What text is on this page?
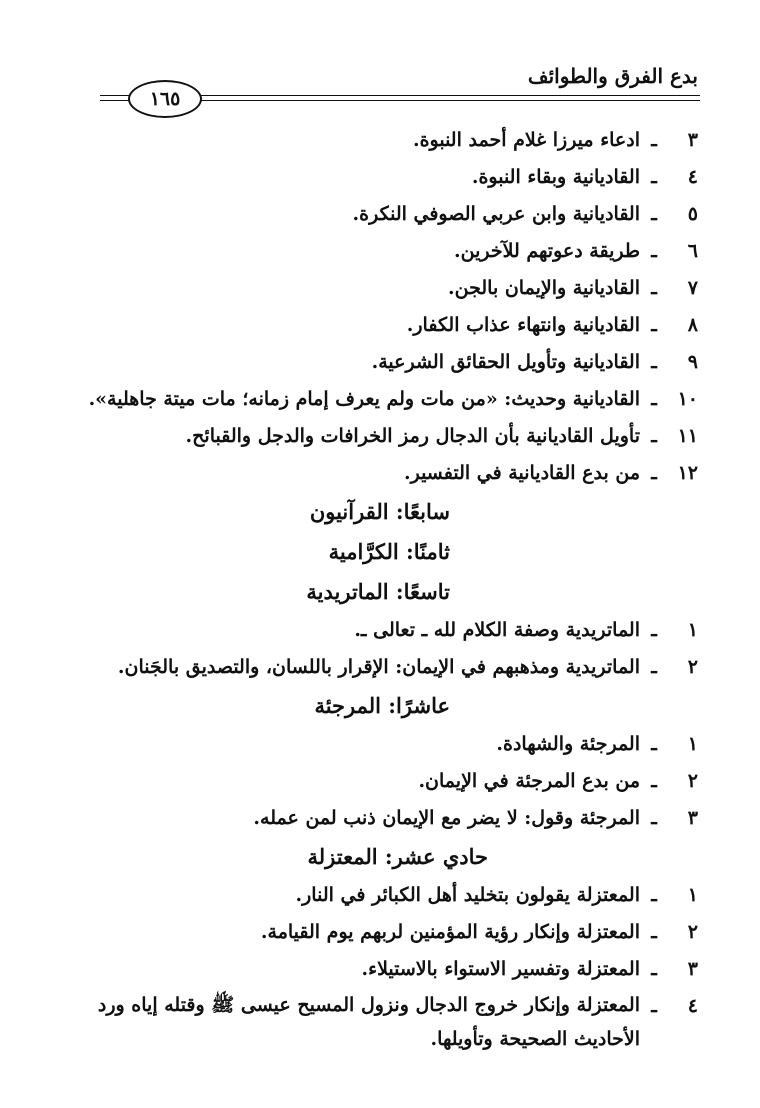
بدع الفرق والطوائف
١٦٥
٣
ـ
ادعاء ميرزا غلام أحمد النبوة.
٤
ـ
القاديانية وبقاء النبوة.
٥
ـ
القاديانية وابن عربي الصوفي النكرة.
٦
ـ
طريقة دعوتهم للآخرين.
٧
ـ
القاديانية والإيمان بالجن.
٨
ـ
القاديانية وانتهاء عذاب الكفار.
٩
ـ
القاديانية وتأويل الحقائق الشرعية.
١٠
ـ
القاديانية وحديث: «من مات ولم يعرف إمام زمانه؛ مات ميتة جاهلية».
١١
ـ
تأويل القاديانية بأن الدجال رمز الخرافات والدجل والقبائح.
١٢
ـ
من بدع القاديانية في التفسير.
سابعًا: القرآنيون
ثامنًا: الكرَّامية
تاسعًا: الماتريدية
١
ـ
الماتريدية وصفة الكلام لله ـ تعالى ـ.
٢
ـ
الماتريدية ومذهبهم في الإيمان: الإقرار باللسان، والتصديق بالجَنان.
عاشرًا: المرجئة
١
ـ
المرجئة والشهادة.
٢
ـ
من بدع المرجئة في الإيمان.
٣
ـ
المرجئة وقول: لا يضر مع الإيمان ذنب لمن عمله.
حادي عشر: المعتزلة
١
ـ
المعتزلة يقولون بتخليد أهل الكبائر في النار.
٢
ـ
المعتزلة وإنكار رؤية المؤمنين لربهم يوم القيامة.
٣
ـ
المعتزلة وتفسير الاستواء بالاستيلاء.
٤
ـ
المعتزلة وإنكار خروج الدجال ونزول المسيح عيسى ﷺ وقتله إياه ورد الأحاديث الصحيحة وتأويلها.
